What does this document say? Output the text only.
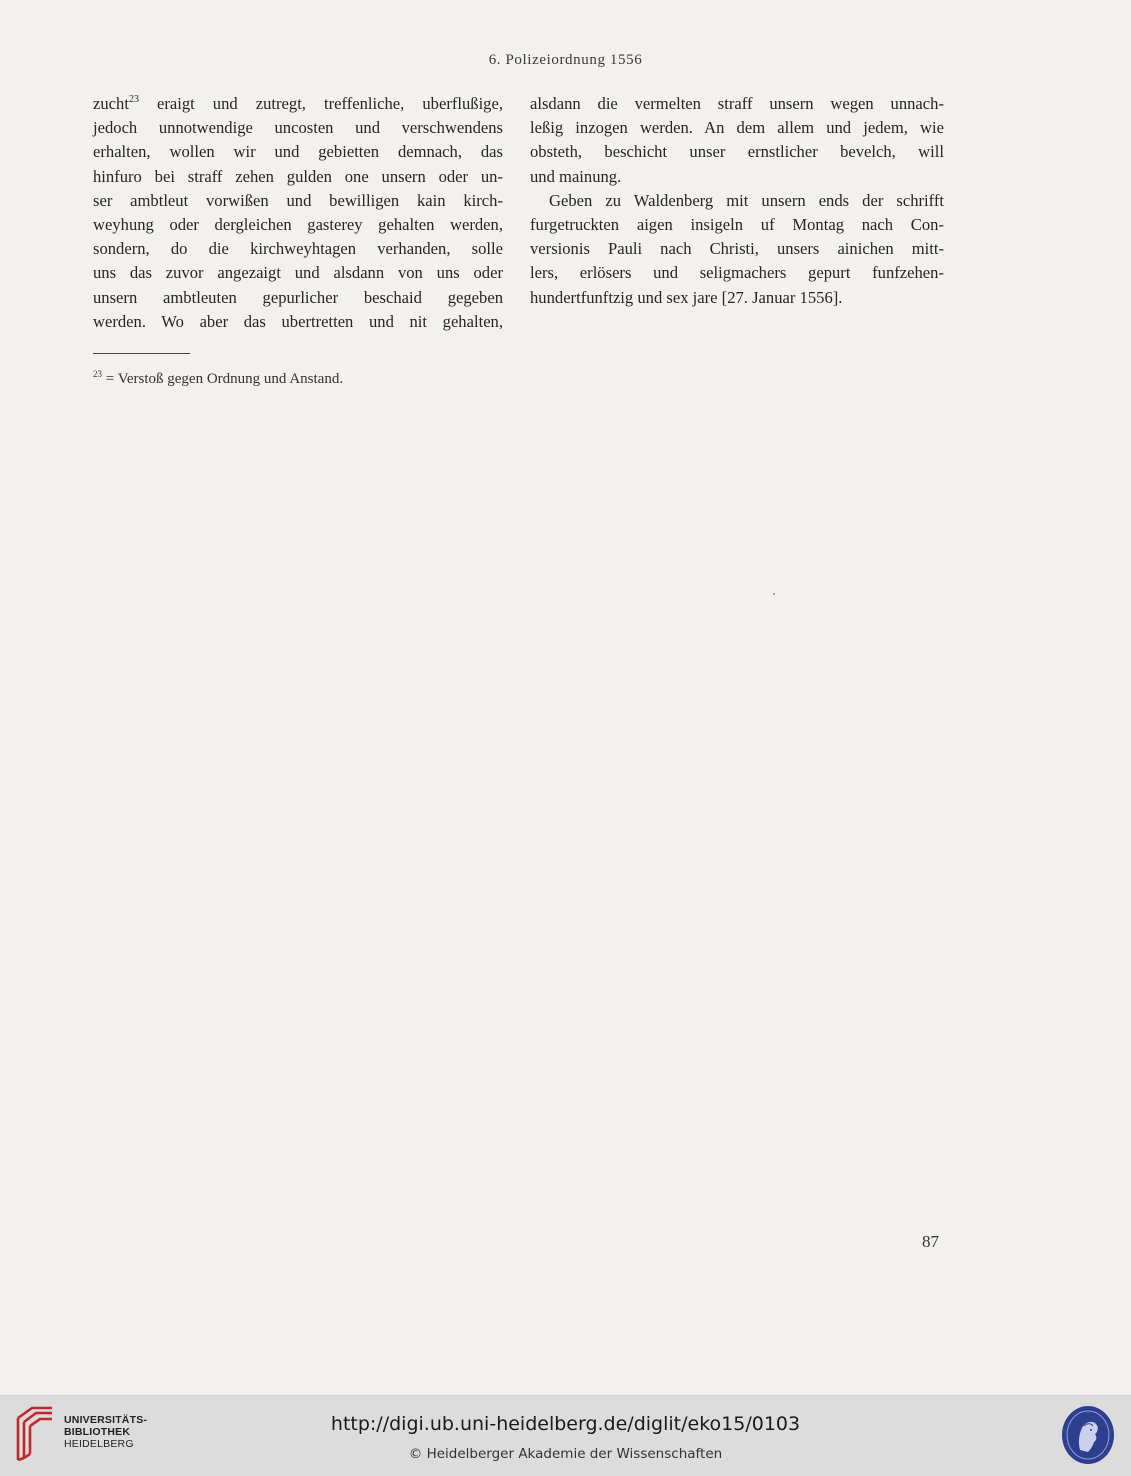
6. Polizeiordnung 1556
zucht$^{23}$ eraigt und zutregt, treffenliche, uberflußige,
jedoch unnotwendige uncosten und verschwendens
erhalten, wollen wir und gebietten demnach, das
hinfuro bei straff zehen gulden one unsern oder un-
ser ambtleut vorwißen und bewilligen kain kirch-
weyhung oder dergleichen gasterey gehalten werden,
sondern, do die kirchweyhtagen verhanden, solle
uns das zuvor angezaigt und alsdann von uns oder
unsern ambtleuten gepurlicher beschaid gegeben
werden. Wo aber das ubertretten und nit gehalten,
alsdann die vermelten straff unsern wegen unnach-
leßig inzogen werden. An dem allem und jedem, wie
obsteth, beschicht unser ernstlicher bevelch, will
und mainung.
Geben zu Waldenberg mit unsern ends der schrifft
furgetruckten aigen insigeln uf Montag nach Con-
versionis Pauli nach Christi, unsers ainichen mitt-
lers, erlösers und seligmachers gepurt funfzehen-
hundertfunftzig und sex jare [27. Januar 1556].
$^{23}$ = Verstoß gegen Ordnung und Anstand.
87
UNIVERSITÄTS-
BIBLIOTHEK
HEIDELBERG
http://digi.ub.uni-heidelberg.de/diglit/eko15/0103
© Heidelberger Akademie der Wissenschaften
